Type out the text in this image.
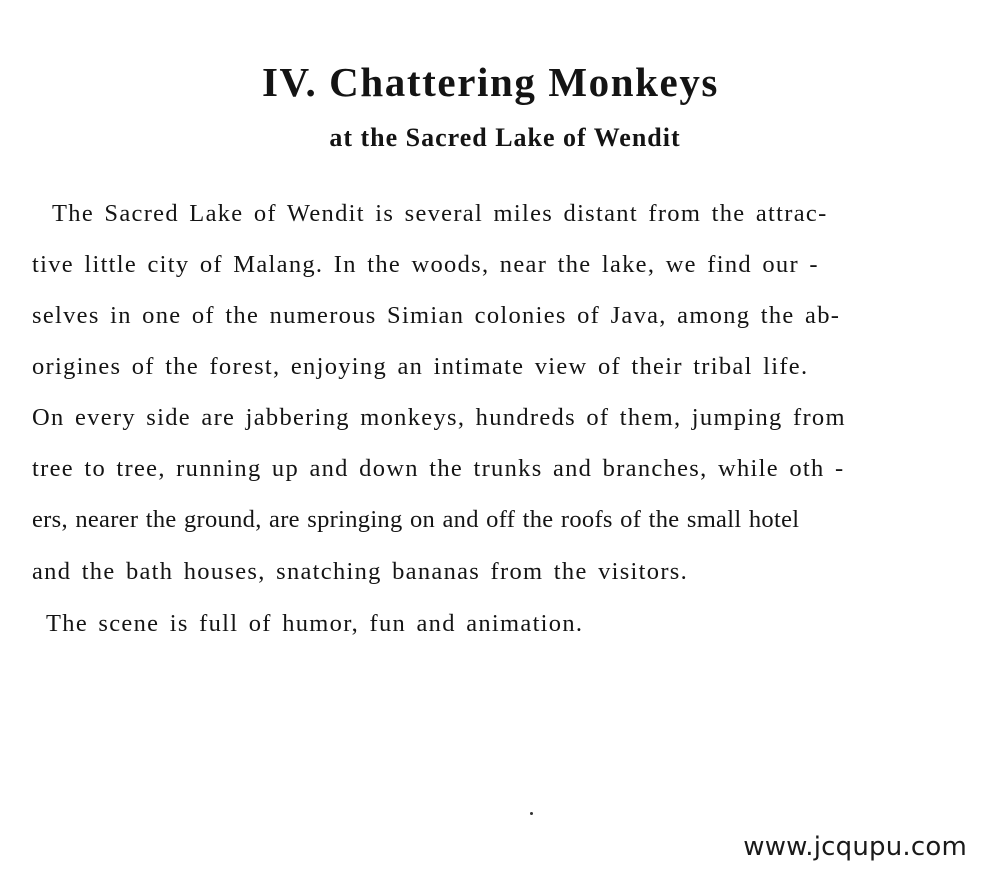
IV. Chattering Monkeys
at the Sacred Lake of Wendit
The Sacred Lake of Wendit is several miles distant from the attrac-
tive little city of Malang. In the woods, near the lake, we find our -
selves in one of the numerous Simian colonies of Java, among the ab-
origines of the forest, enjoying an intimate view of their tribal life.
On every side are jabbering monkeys, hundreds of them, jumping from
tree to tree, running up and down the trunks and branches, while oth -
ers, nearer the ground, are springing on and off the roofs of the small hotel
and the bath houses, snatching bananas from the visitors.
The scene is full of humor, fun and animation.
www.jcqupu.com
